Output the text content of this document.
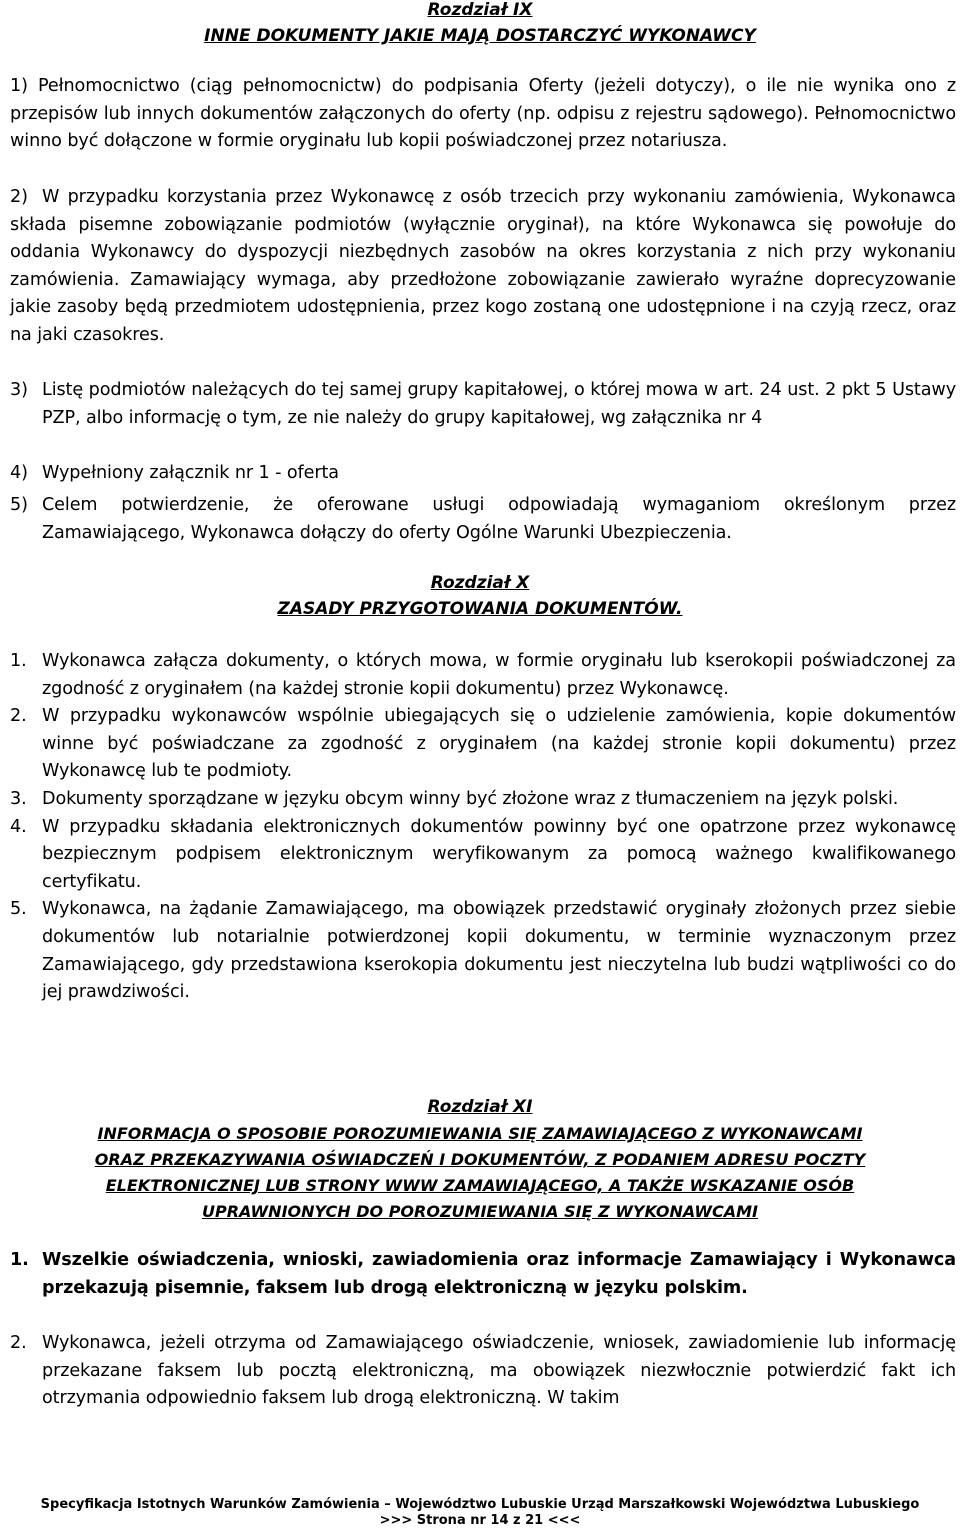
Rozdział IX

INNE DOKUMENTY JAKIE MAJĄ DOSTARCZYĆ WYKONAWCY

1) Pełnomocnictwo (ciąg pełnomocnictw) do podpisania Oferty (jeżeli dotyczy), o ile nie wynika ono z przepisów lub innych dokumentów załączonych do oferty (np. odpisu z rejestru sądowego). Pełnomocnictwo winno być dołączone w formie oryginału lub kopii poświadczonej przez notariusza.
2) W przypadku korzystania przez Wykonawcę z osób trzecich przy wykonaniu zamówienia, Wykonawca składa pisemne zobowiązanie podmiotów (wyłącznie oryginał), na które Wykonawca się powołuje do oddania Wykonawcy do dyspozycji niezbędnych zasobów na okres korzystania z nich przy wykonaniu zamówienia. Zamawiający wymaga, aby przedłożone zobowiązanie zawierało wyraźne doprecyzowanie jakie zasoby będą przedmiotem udostępnienia, przez kogo zostaną one udostępnione i na czyją rzecz, oraz na jaki czasokres.
3) Listę podmiotów należących do tej samej grupy kapitałowej, o której mowa w art. 24 ust. 2 pkt 5 Ustawy PZP, albo informację o tym, ze nie należy do grupy kapitałowej, wg załącznika nr 4
4) Wypełniony załącznik nr 1 - oferta
5) Celem potwierdzenie, że oferowane usługi odpowiadają wymaganiom określonym przez Zamawiającego, Wykonawca dołączy do oferty Ogólne Warunki Ubezpieczenia.

Rozdział X

ZASADY PRZYGOTOWANIA DOKUMENTÓW.

1. Wykonawca załącza dokumenty, o których mowa, w formie oryginału lub kserokopii poświadczonej za zgodność z oryginałem (na każdej stronie kopii dokumentu) przez Wykonawcę.
2. W przypadku wykonawców wspólnie ubiegających się o udzielenie zamówienia, kopie dokumentów winne być poświadczane za zgodność z oryginałem (na każdej stronie kopii dokumentu) przez Wykonawcę lub te podmioty.
3. Dokumenty sporządzane w języku obcym winny być złożone wraz z tłumaczeniem na język polski.
4. W przypadku składania elektronicznych dokumentów powinny być one opatrzone przez wykonawcę bezpiecznym podpisem elektronicznym weryfikowanym za pomocą ważnego kwalifikowanego certyfikatu.
5. Wykonawca, na żądanie Zamawiającego, ma obowiązek przedstawić oryginały złożonych przez siebie dokumentów lub notarialnie potwierdzonej kopii dokumentu, w terminie wyznaczonym przez Zamawiającego, gdy przedstawiona kserokopia dokumentu jest nieczytelna lub budzi wątpliwości co do jej prawdziwości.

Rozdział XI

INFORMACJA O SPOSOBIE POROZUMIEWANIA SIĘ ZAMAWIAJĄCEGO Z WYKONAWCAMI

ORAZ PRZEKAZYWANIA OŚWIADCZEŃ I DOKUMENTÓW, Z PODANIEM ADRESU POCZTY

ELEKTRONICZNEJ LUB STRONY WWW ZAMAWIAJĄCEGO, A TAKŻE WSKAZANIE OSÓB

UPRAWNIONYCH DO POROZUMIEWANIA SIĘ Z WYKONAWCAMI

1. Wszelkie oświadczenia, wnioski, zawiadomienia oraz informacje Zamawiający i Wykonawca przekazują pisemnie, faksem lub drogą elektroniczną w języku polskim.
2. Wykonawca, jeżeli otrzyma od Zamawiającego oświadczenie, wniosek, zawiadomienie lub informację przekazane faksem lub pocztą elektroniczną, ma obowiązek niezwłocznie potwierdzić fakt ich otrzymania odpowiednio faksem lub drogą elektroniczną. W takim
Specyfikacja Istotnych Warunków Zamówienia – Województwo Lubuskie Urząd Marszałkowski Województwa Lubuskiego
>>> Strona nr 14 z 21 <<<
